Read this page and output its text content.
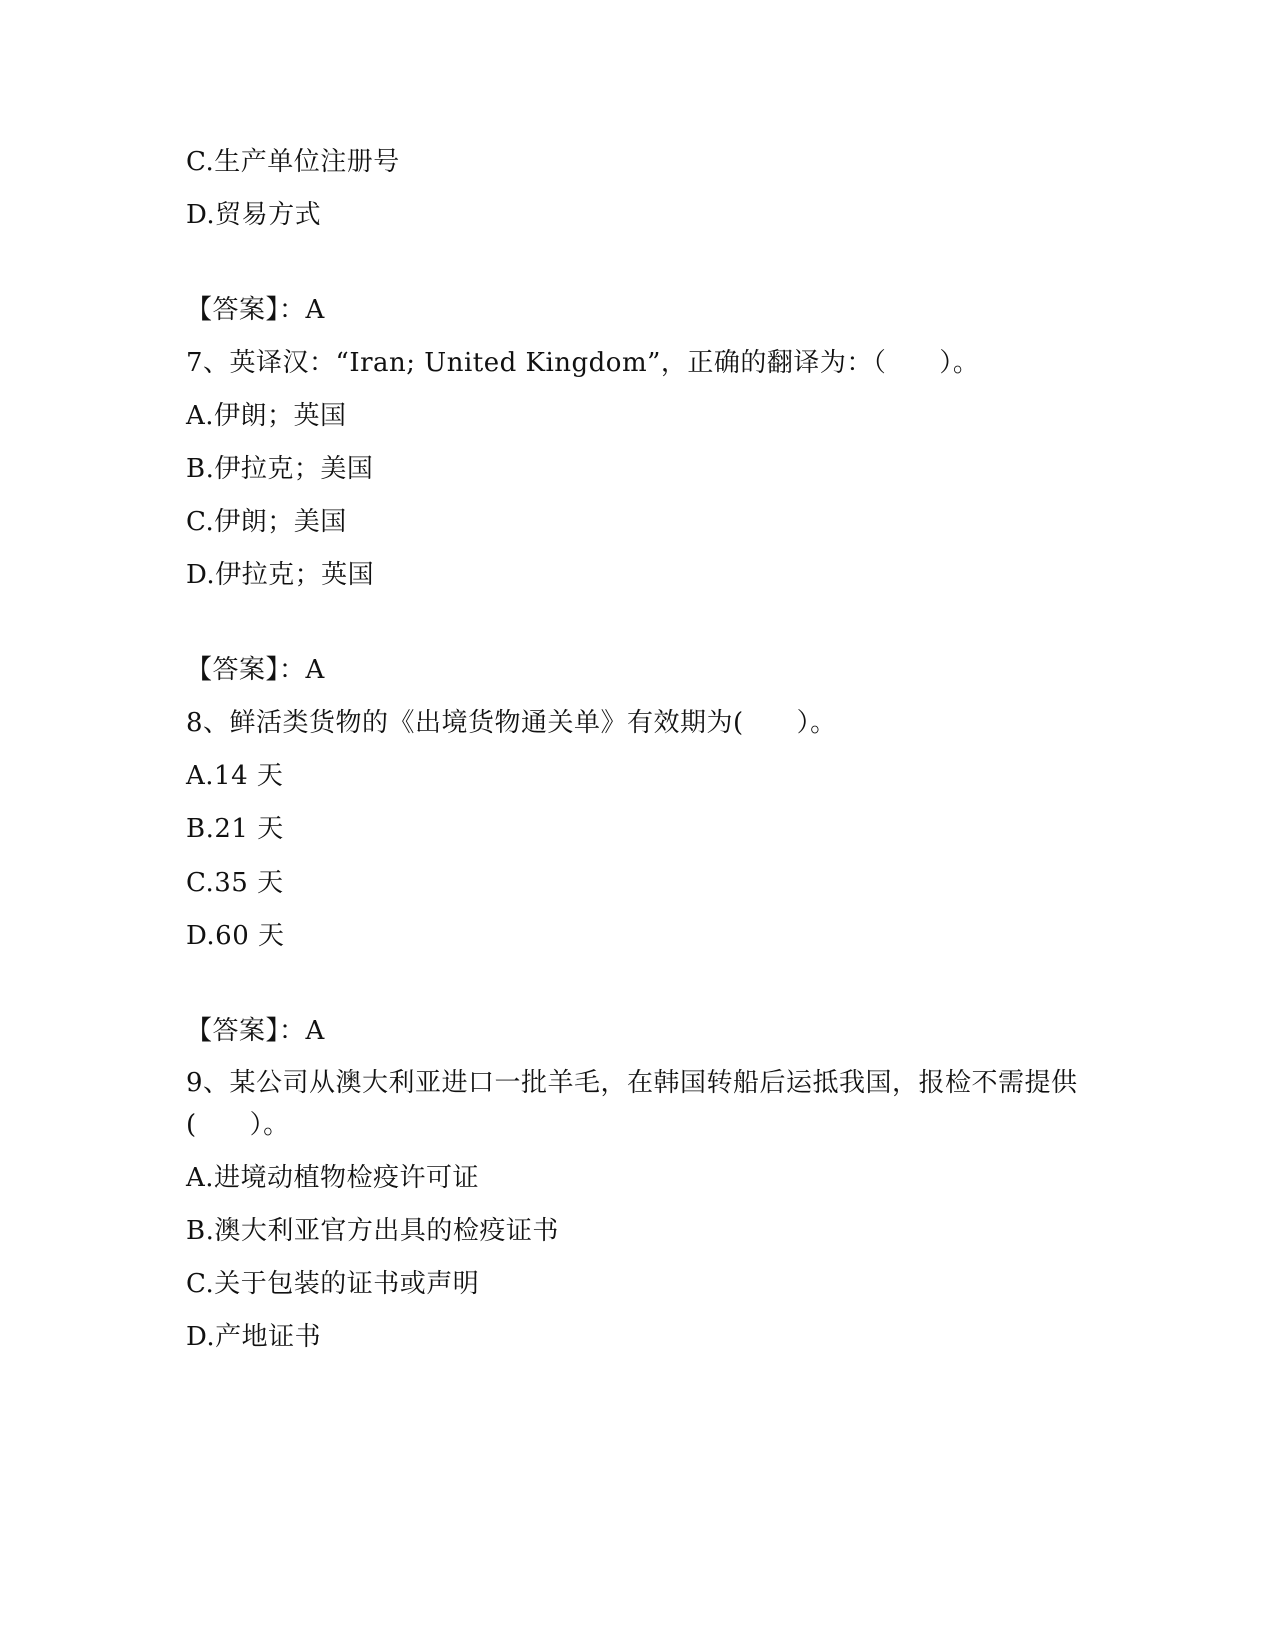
C.生产单位注册号
D.贸易方式
【答案】：A
7、英译汉：“Iran; United Kingdom”，正确的翻译为：（　　）。
A.伊朗；英国
B.伊拉克；美国
C.伊朗；美国
D.伊拉克；英国
【答案】：A
8、鲜活类货物的《出境货物通关单》有效期为(　　）。
A.14 天
B.21 天
C.35 天
D.60 天
【答案】：A
9、某公司从澳大利亚进口一批羊毛，在韩国转船后运抵我国，报检不需提供(　　）。
A.进境动植物检疫许可证
B.澳大利亚官方出具的检疫证书
C.关于包装的证书或声明
D.产地证书
